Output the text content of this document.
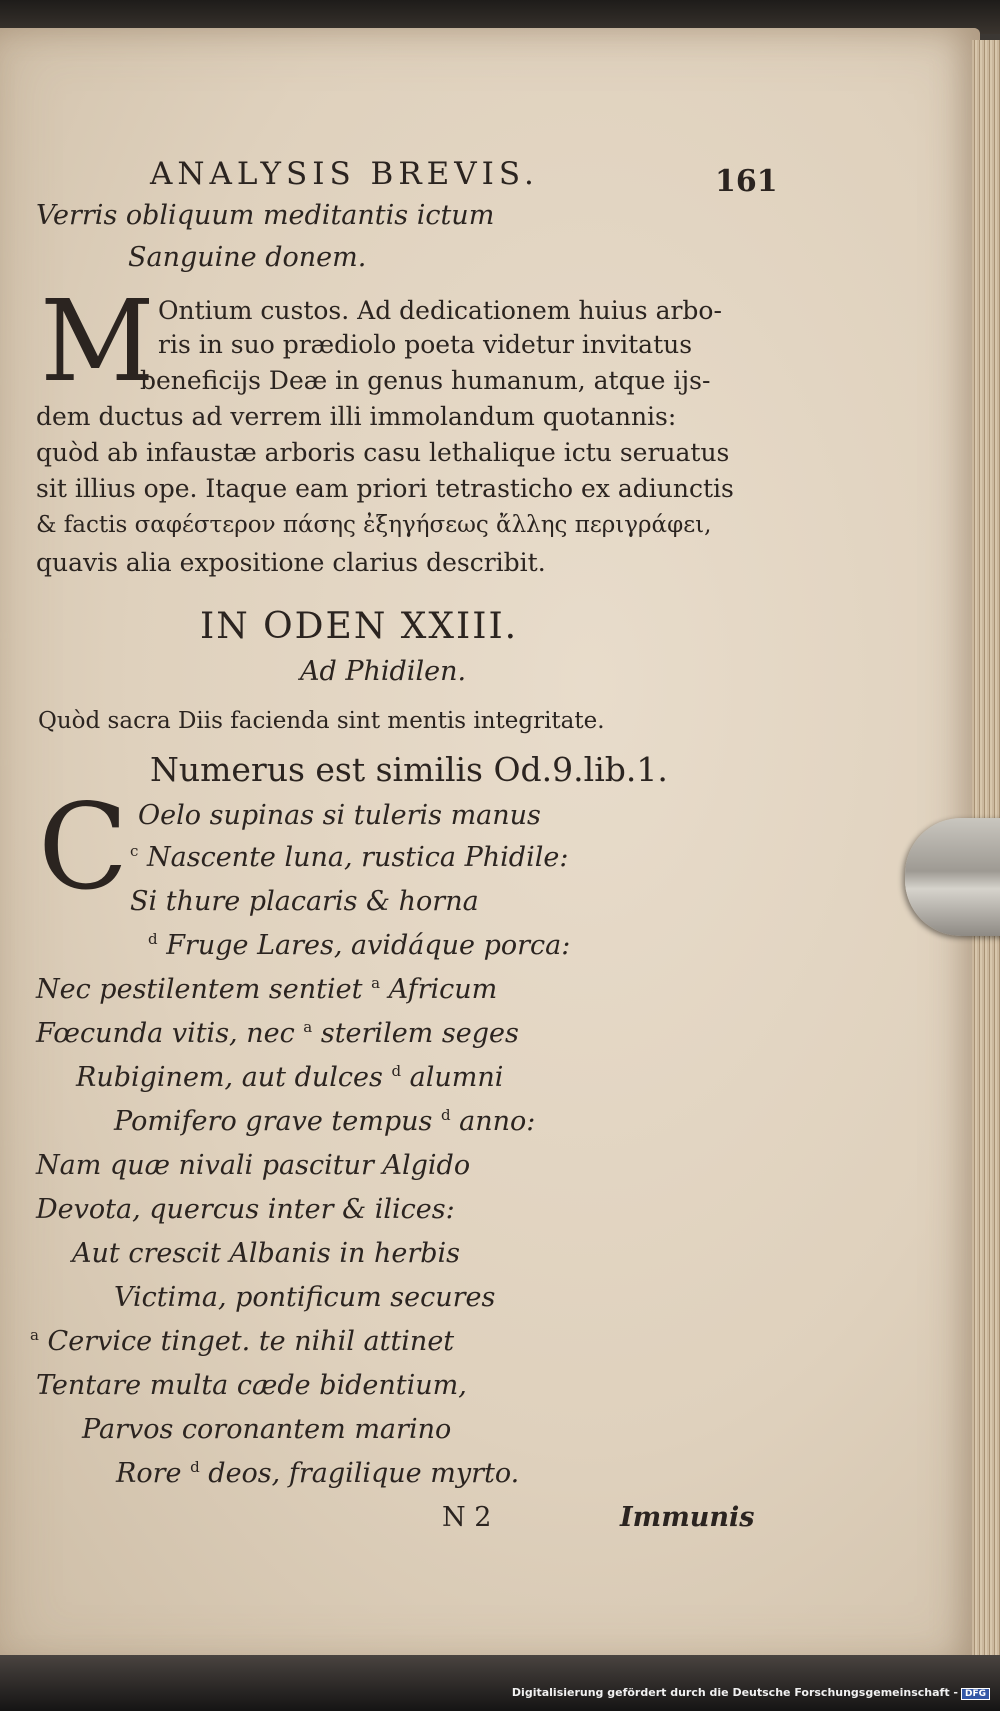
ANALYSIS BREVIS.	161
Verris obliquum meditantis ictum
Sanguine donem.
M Ontium custos. Ad dedicationem huius arbo-
ris in suo prædiolo poeta videtur invitatus
beneficijs Deæ in genus humanum, atque ijs-
dem ductus ad verrem illi immolandum quotannis:
quòd ab infaustæ arboris casu lethalique ictu seruatus
sit illius ope. Itaque eam priori tetrasticho ex adiunctis
& factis σαφέστερον πάσης ἐξηγήσεως ἄλλης περιγράφει,
quavis alia expositione clarius describit.
IN ODEN XXIII.
Ad Phidilen.
Quòd sacra Diis facienda sint mentis integritate.
Numerus est similis Od.9.lib.1.
C Oelo supinas si tuleris manus
$^c$ Nascente luna, rustica Phidile:
Si thure placaris & horna
$^d$ Fruge Lares, avidáque porca:
Nec pestilentem sentiet $^a$ Africum
Fœcunda vitis, nec $^a$ sterilem seges
Rubiginem, aut dulces $^d$ alumni
Pomifero grave tempus $^d$ anno:
Nam quæ nivali pascitur Algido
Devota, quercus inter & ilices:
Aut crescit Albanis in herbis
Victima, pontificum secures
$^a$ Cervice tinget. te nihil attinet
Tentare multa cæde bidentium,
Parvos coronantem marino
Rore $^d$ deos, fragilique myrto.
N 2	Immunis
Digitalisierung gefördert durch die Deutsche Forschungsgemeinschaft - DFG
